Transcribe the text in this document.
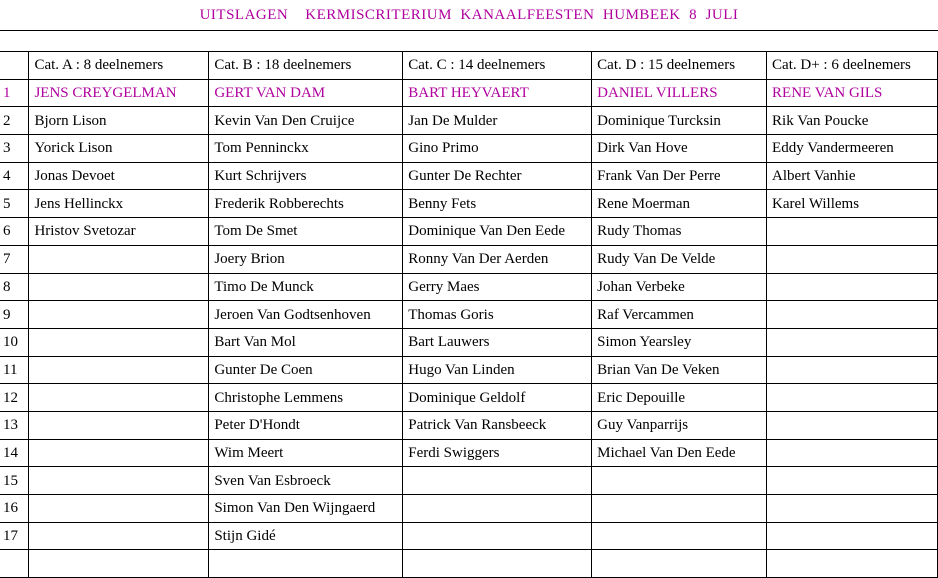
UITSLAGEN    KERMISCRITERIUM  KANAALFEESTEN  HUMBEEK  8  JULI
	Cat. A : 8 deelnemers	Cat. B : 18 deelnemers	Cat. C : 14 deelnemers	Cat. D : 15 deelnemers	Cat. D+ : 6 deelnemers
1	JENS CREYGELMAN	GERT VAN DAM	BART HEYVAERT	DANIEL VILLERS	RENE VAN GILS
2	Bjorn Lison	Kevin Van Den Cruijce	Jan De Mulder	Dominique Turcksin	Rik Van Poucke
3	Yorick Lison	Tom Penninckx	Gino Primo	Dirk Van Hove	Eddy Vandermeeren
4	Jonas Devoet	Kurt Schrijvers	Gunter De Rechter	Frank Van Der Perre	Albert Vanhie
5	Jens Hellinckx	Frederik Robberechts	Benny Fets	Rene Moerman	Karel Willems
6	Hristov Svetozar	Tom De Smet	Dominique Van Den Eede	Rudy Thomas	
7		Joery Brion	Ronny Van Der Aerden	Rudy Van De Velde	
8		Timo De Munck	Gerry Maes	Johan Verbeke	
9		Jeroen Van Godtsenhoven	Thomas Goris	Raf Vercammen	
10		Bart Van Mol	Bart Lauwers	Simon Yearsley	
11		Gunter De Coen	Hugo Van Linden	Brian Van De Veken	
12		Christophe Lemmens	Dominique Geldolf	Eric Depouille	
13		Peter D'Hondt	Patrick Van Ransbeeck	Guy Vanparrijs	
14		Wim Meert	Ferdi Swiggers	Michael Van Den Eede	
15		Sven Van Esbroeck			
16		Simon Van Den Wijngaerd			
17		Stijn Gidé			
